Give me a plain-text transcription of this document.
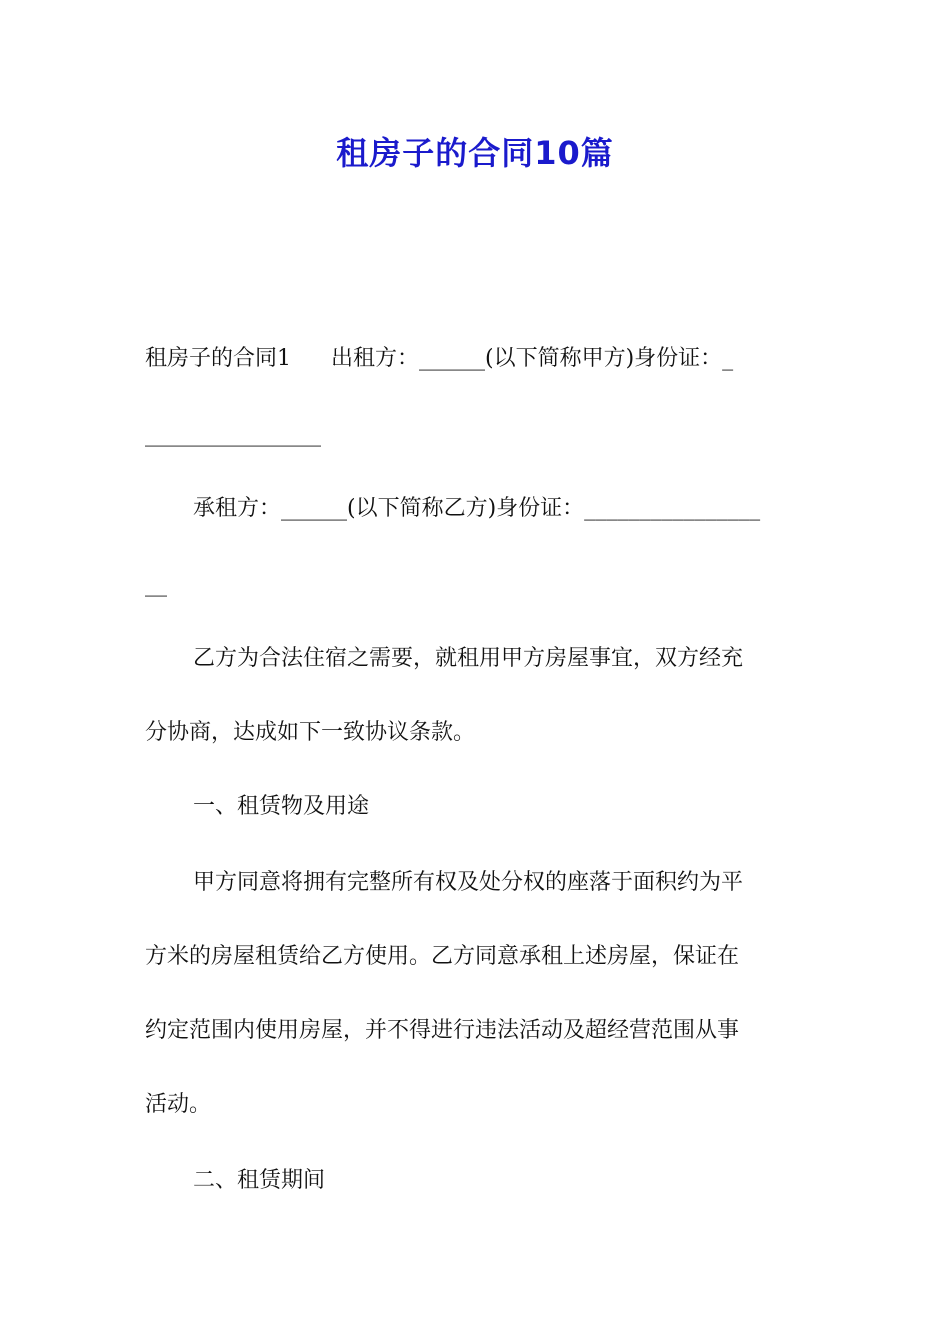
租房子的合同10篇
租房子的合同1 出租方：______(以下简称甲方)身份证：_
________________
承租方：______(以下简称乙方)身份证：________________
__
乙方为合法住宿之需要，就租用甲方房屋事宜，双方经充
分协商，达成如下一致协议条款。
一、租赁物及用途
甲方同意将拥有完整所有权及处分权的座落于面积约为平
方米的房屋租赁给乙方使用。乙方同意承租上述房屋，保证在
约定范围内使用房屋，并不得进行违法活动及超经营范围从事
活动。
二、租赁期间
